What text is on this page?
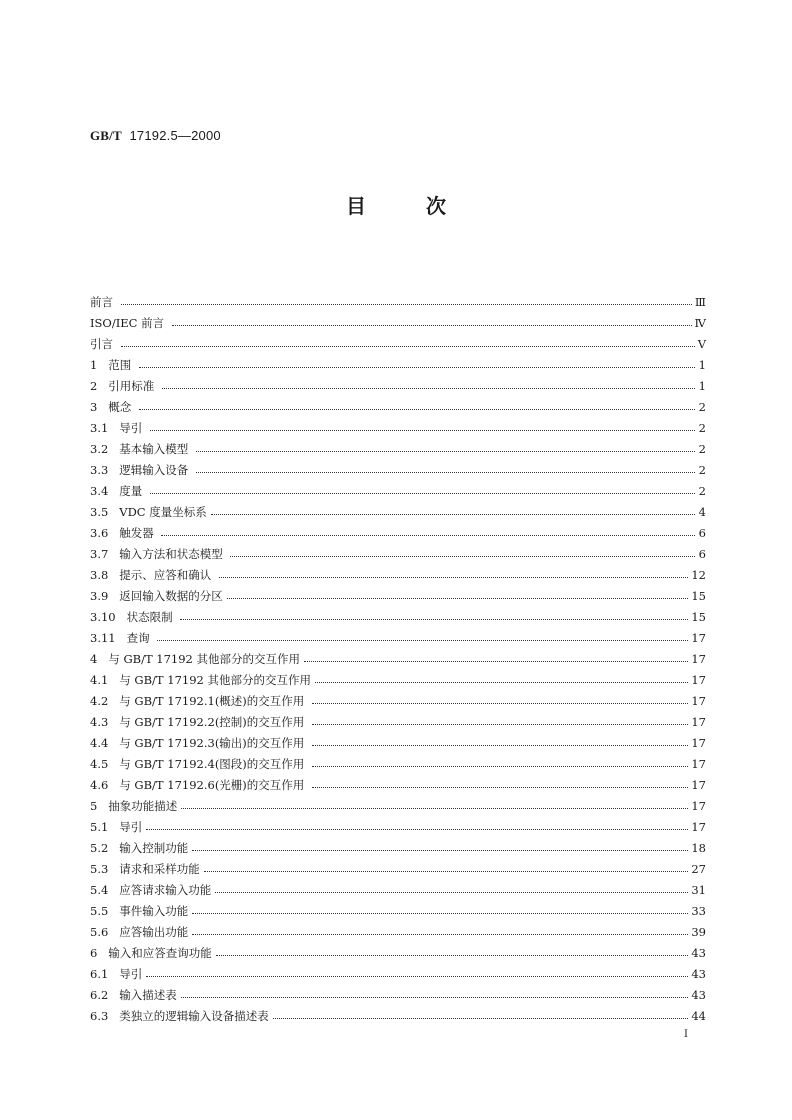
GB/T  17192.5—2000
目	次
前言	Ⅲ
ISO/IEC 前言	Ⅳ
引言	Ⅴ
1 范围	1
2 引用标准	1
3 概念	2
3.1 导引	2
3.2 基本输入模型	2
3.3 逻辑输入设备	2
3.4 度量	2
3.5 VDC 度量坐标系	4
3.6 触发器	6
3.7 输入方法和状态模型	6
3.8 提示、应答和确认	12
3.9 返回输入数据的分区	15
3.10 状态限制	15
3.11 查询	17
4 与 GB/T 17192 其他部分的交互作用	17
4.1 与 GB/T 17192 其他部分的交互作用	17
4.2 与 GB/T 17192.1(概述)的交互作用	17
4.3 与 GB/T 17192.2(控制)的交互作用	17
4.4 与 GB/T 17192.3(输出)的交互作用	17
4.5 与 GB/T 17192.4(图段)的交互作用	17
4.6 与 GB/T 17192.6(光栅)的交互作用	17
5 抽象功能描述	17
5.1 导引	17
5.2 输入控制功能	18
5.3 请求和采样功能	27
5.4 应答请求输入功能	31
5.5 事件输入功能	33
5.6 应答输出功能	39
6 输入和应答查询功能	43
6.1 导引	43
6.2 输入描述表	43
6.3 类独立的逻辑输入设备描述表	44
I
